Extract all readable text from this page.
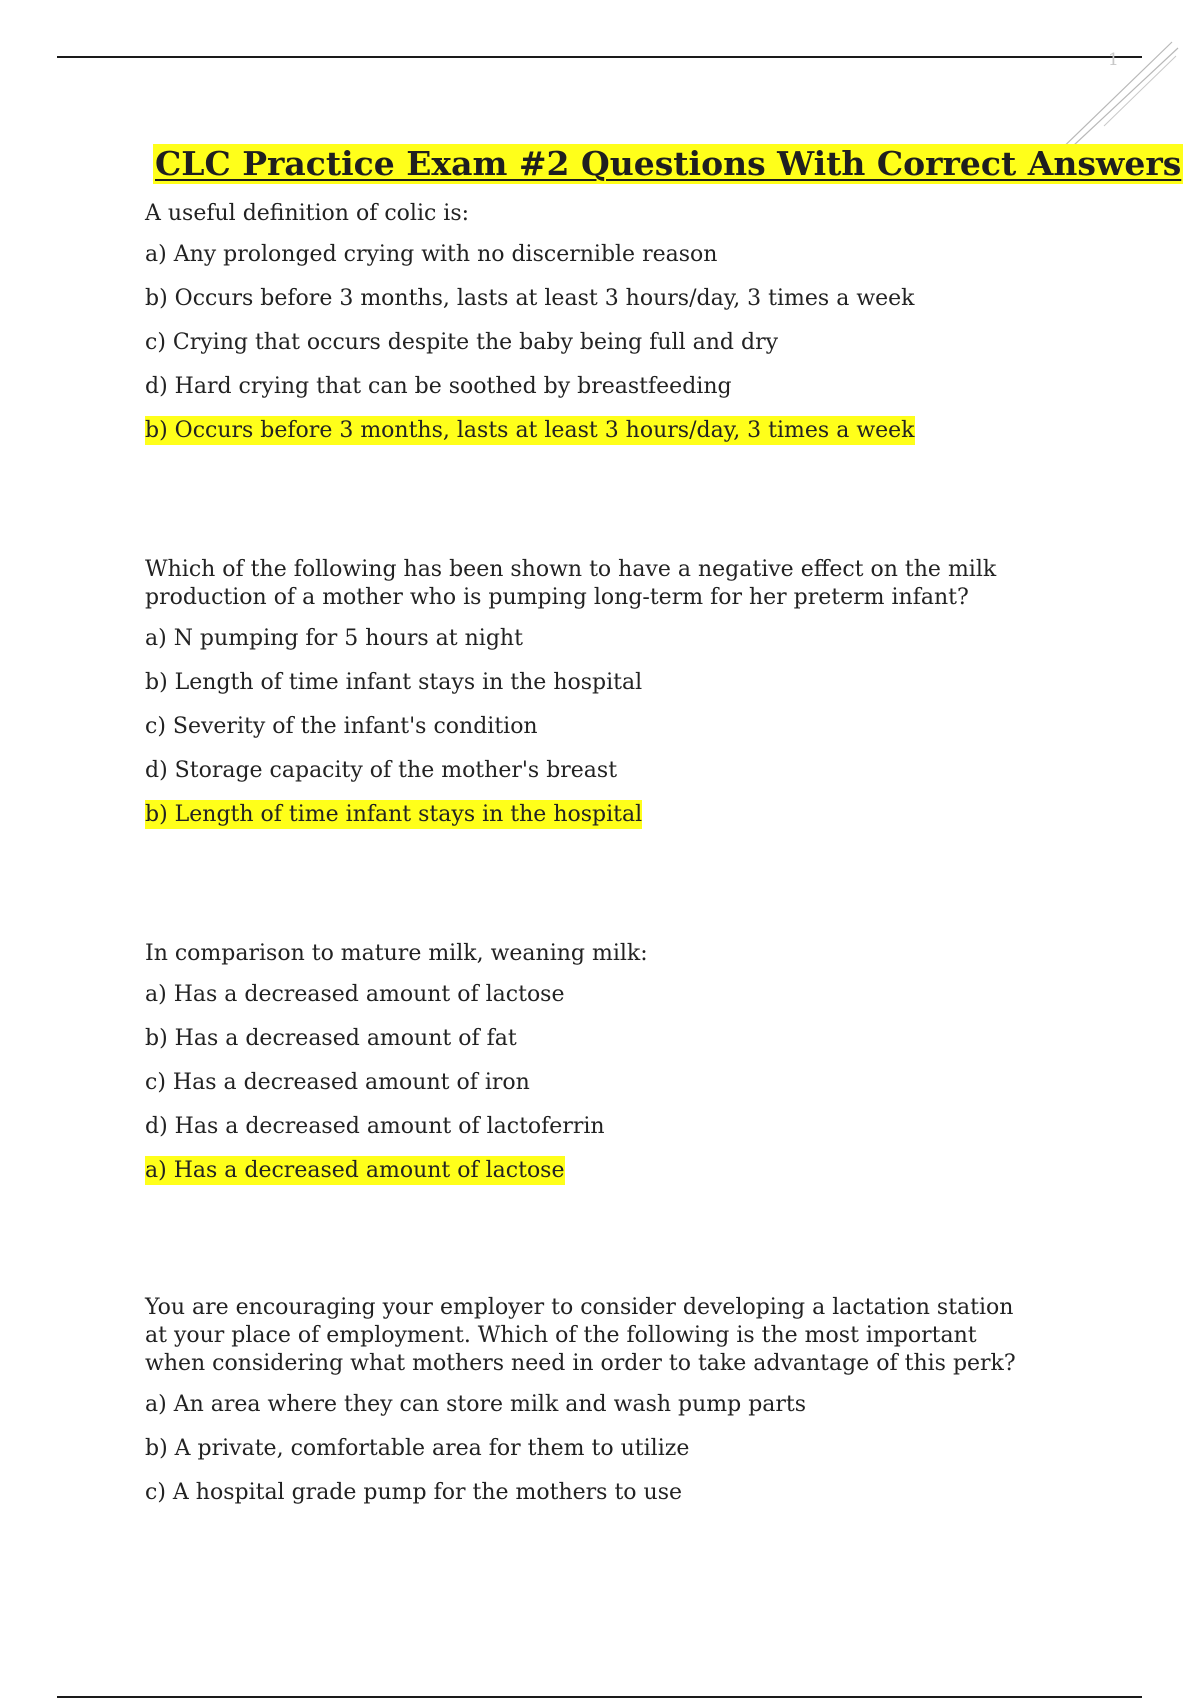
1
CLC Practice Exam #2 Questions With Correct Answers

A useful definition of colic is:

a) Any prolonged crying with no discernible reason
b) Occurs before 3 months, lasts at least 3 hours/day, 3 times a week
c) Crying that occurs despite the baby being full and dry
d) Hard crying that can be soothed by breastfeeding
b) Occurs before 3 months, lasts at least 3 hours/day, 3 times a week

Which of the following has been shown to have a negative effect on the milk production of a mother who is pumping long-term for her preterm infant?

a) N pumping for 5 hours at night
b) Length of time infant stays in the hospital
c) Severity of the infant's condition
d) Storage capacity of the mother's breast
b) Length of time infant stays in the hospital

In comparison to mature milk, weaning milk:

a) Has a decreased amount of lactose
b) Has a decreased amount of fat
c) Has a decreased amount of iron
d) Has a decreased amount of lactoferrin
a) Has a decreased amount of lactose

You are encouraging your employer to consider developing a lactation station at your place of employment. Which of the following is the most important when considering what mothers need in order to take advantage of this perk?

a) An area where they can store milk and wash pump parts
b) A private, comfortable area for them to utilize
c) A hospital grade pump for the mothers to use
